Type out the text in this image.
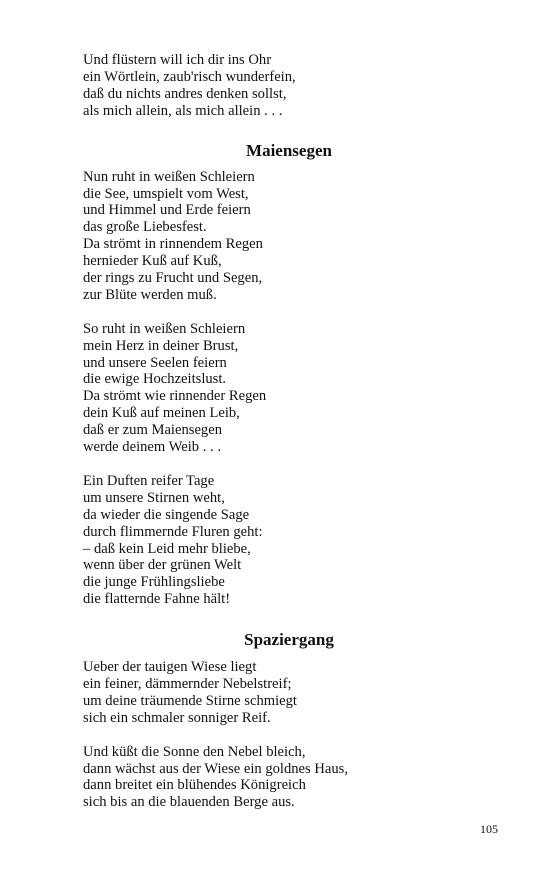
Und flüstern will ich dir ins Ohr
ein Wörtlein, zaub'risch wunderfein,
daß du nichts andres denken sollst,
als mich allein, als mich allein . . .
Maiensegen
Nun ruht in weißen Schleiern
die See, umspielt vom West,
und Himmel und Erde feiern
das große Liebesfest.
Da strömt in rinnendem Regen
hernieder Kuß auf Kuß,
der rings zu Frucht und Segen,
zur Blüte werden muß.
So ruht in weißen Schleiern
mein Herz in deiner Brust,
und unsere Seelen feiern
die ewige Hochzeitslust.
Da strömt wie rinnender Regen
dein Kuß auf meinen Leib,
daß er zum Maiensegen
werde deinem Weib . . .
Ein Duften reifer Tage
um unsere Stirnen weht,
da wieder die singende Sage
durch flimmernde Fluren geht:
– daß kein Leid mehr bliebe,
wenn über der grünen Welt
die junge Frühlingsliebe
die flatternde Fahne hält!
Spaziergang
Ueber der tauigen Wiese liegt
ein feiner, dämmernder Nebelstreif;
um deine träumende Stirne schmiegt
sich ein schmaler sonniger Reif.
Und küßt die Sonne den Nebel bleich,
dann wächst aus der Wiese ein goldnes Haus,
dann breitet ein blühendes Königreich
sich bis an die blauenden Berge aus.
105
